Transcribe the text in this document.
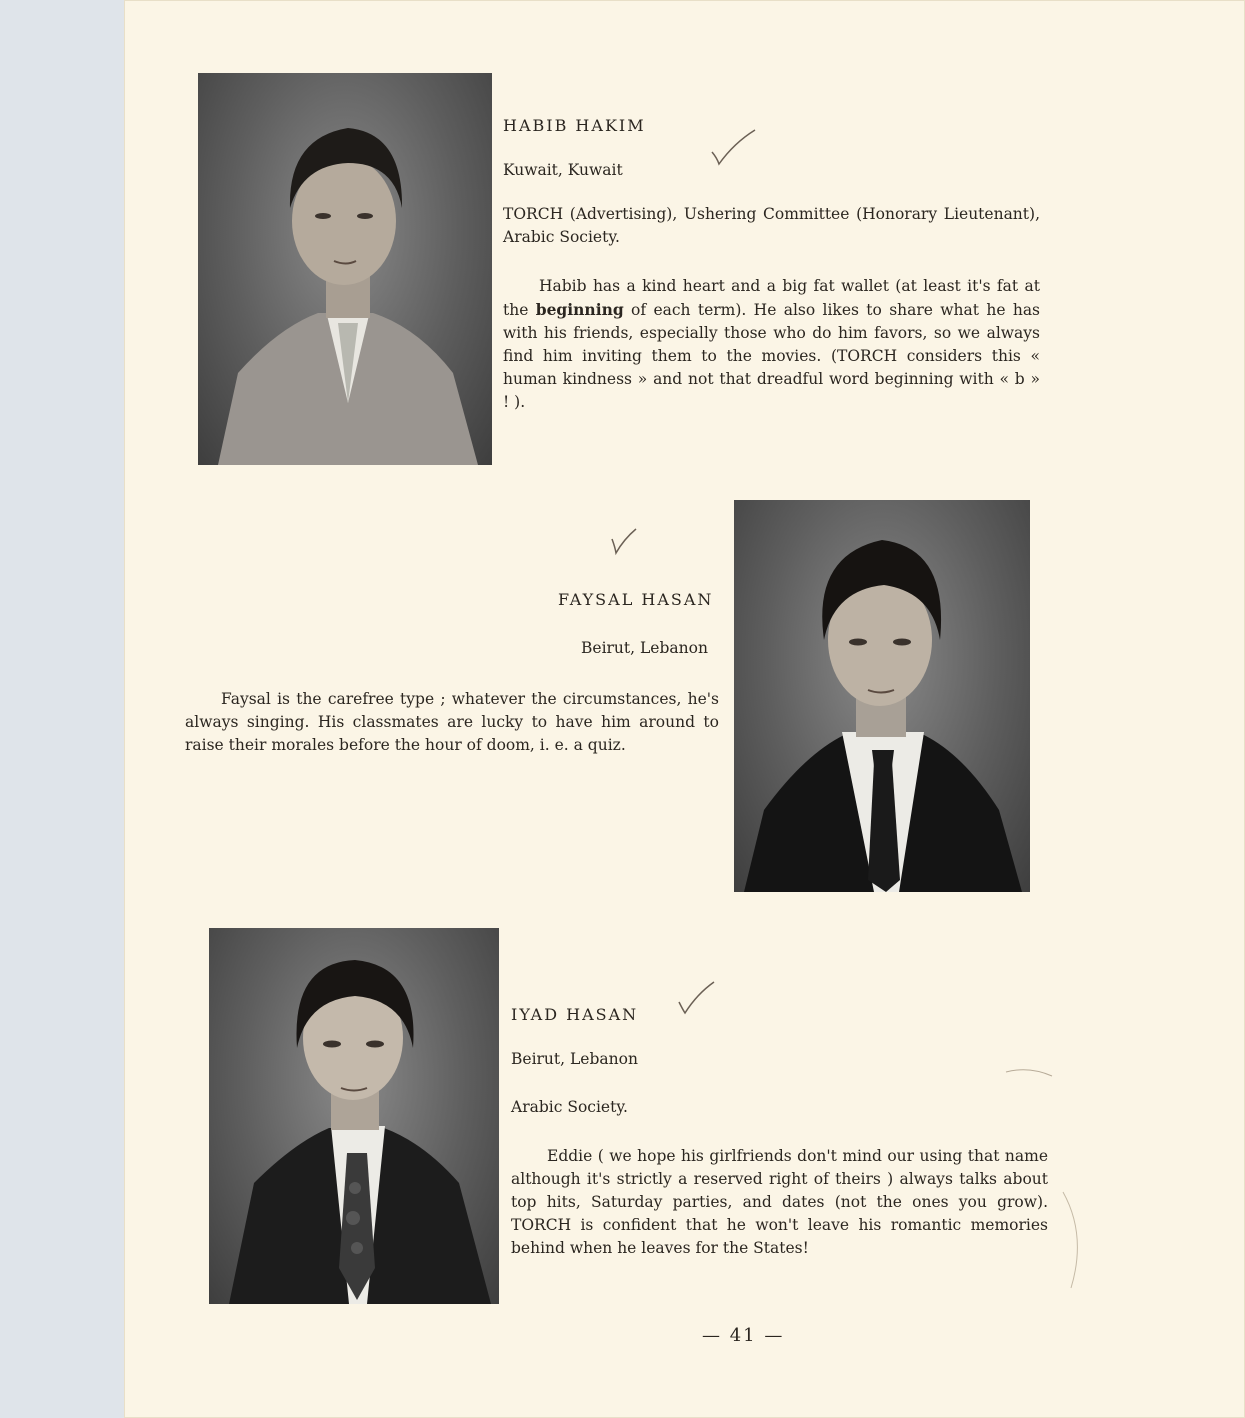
HABIB HAKIM
Kuwait, Kuwait
TORCH (Advertising), Ushering Committee (Honorary Lieutenant), Arabic Society.
Habib has a kind heart and a big fat wallet (at least it's fat at the beginning of each term). He also likes to share what he has with his friends, especially those who do him favors, so we always find him inviting them to the movies. (TORCH considers this « human kindness » and not that dreadful word beginning with « b » ! ).
FAYSAL HASAN
Beirut, Lebanon
Faysal is the carefree type ; whatever the circumstances, he's always singing. His classmates are lucky to have him around to raise their morales before the hour of doom, i. e. a quiz.
IYAD HASAN
Beirut, Lebanon
Arabic Society.
Eddie ( we hope his girlfriends don't mind our using that name although it's strictly a reserved right of theirs ) always talks about top hits, Saturday parties, and dates (not the ones you grow). TORCH is confident that he won't leave his romantic memories behind when he leaves for the States!
— 41 —
